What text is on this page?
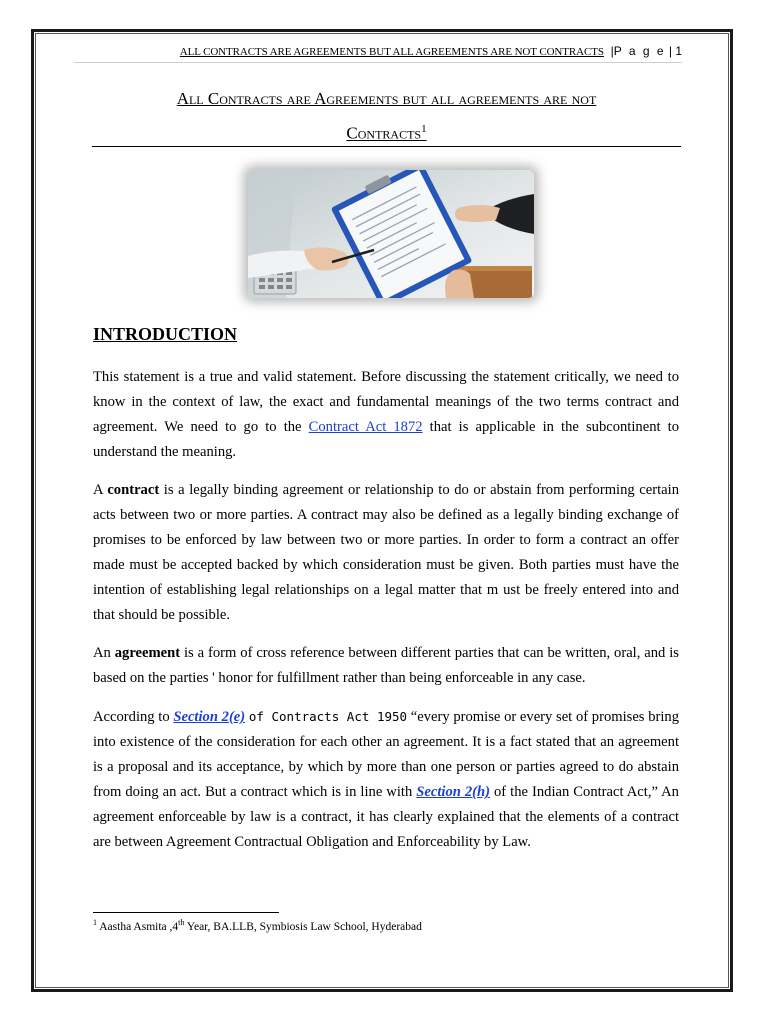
ALL CONTRACTS ARE AGREEMENTS BUT ALL AGREEMENTS ARE NOT CONTRACTS |P a g e | 1
All Contracts are Agreements but all agreements are not
Contracts$^1$
INTRODUCTION

This statement is a true and valid statement. Before discussing the statement critically, we need to know in the context of law, the exact and fundamental meanings of the two terms contract and agreement. We need to go to the Contract Act 1872 that is applicable in the subcontinent to understand the meaning.

A contract is a legally binding agreement or relationship to do or abstain from performing certain acts between two or more parties. A contract may also be defined as a legally binding exchange of promises to be enforced by law between two or more parties. In order to form a contract an offer made must be accepted backed by which consideration must be given. Both parties must have the intention of establishing legal relationships on a legal matter that m ust be freely entered into and that should be possible.

An agreement is a form of cross reference between different parties that can be written, oral, and is based on the parties ' honor for fulfillment rather than being enforceable in any case.

According to Section 2(e) of Contracts Act 1950 “every promise or every set of promises bring into existence of the consideration for each other an agreement. It is a fact stated that an agreement is a proposal and its acceptance, by which by more than one person or parties agreed to do abstain from doing an act. But a contract which is in line with Section 2(h) of the Indian Contract Act,” An agreement enforceable by law is a contract, it has clearly explained that the elements of a contract are between Agreement Contractual Obligation and Enforceability by Law.

$^1$ Aastha Asmita ,4th Year, BA.LLB, Symbiosis Law School, Hyderabad
